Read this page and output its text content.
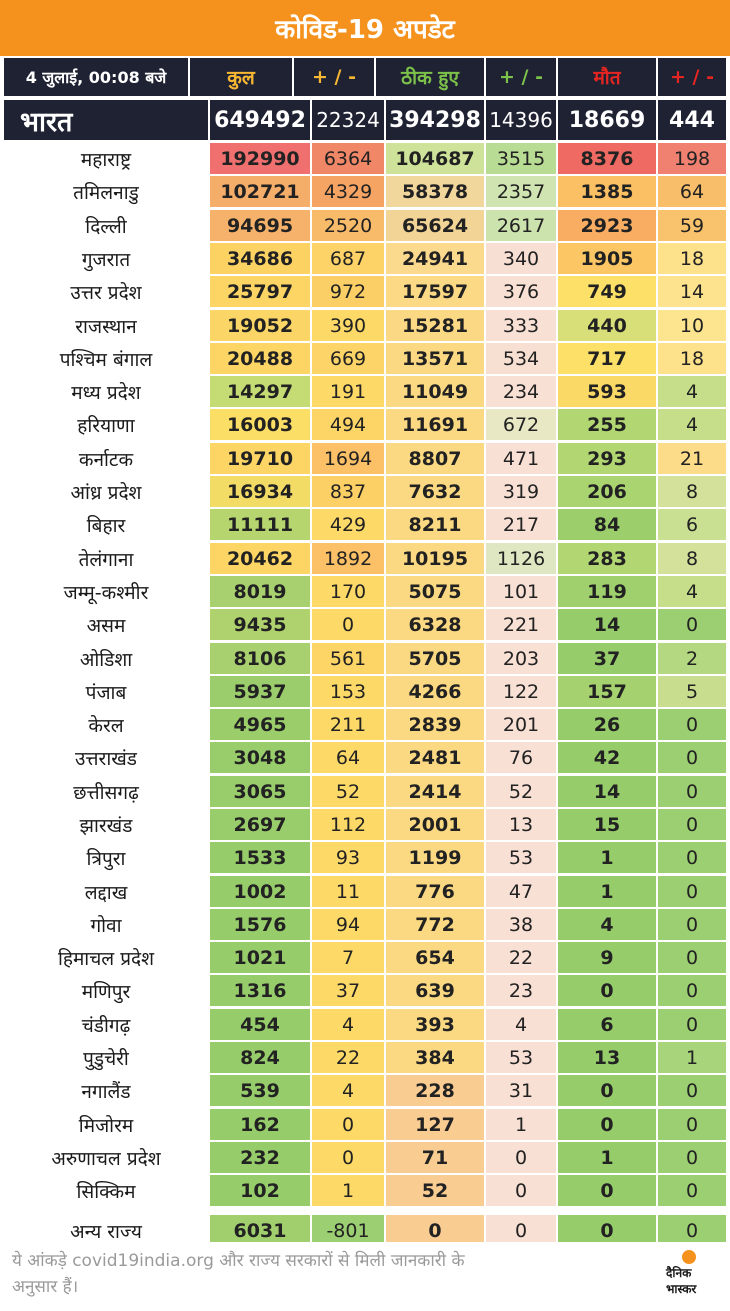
कोविड-19 अपडेट
4 जुलाई, 00:08 बजे	कुल	+ / -	ठीक हुए	+ / -	मौत	+ / -
भारत	649492 22324 394298 14396 18669	444
महाराष्ट्र	192990	6364	104687	3515	8376	198
तमिलनाडु	102721	4329	58378	2357	1385	64
दिल्ली	94695	2520	65624	2617	2923	59
गुजरात	34686	687	24941	340	1905	18
उत्तर प्रदेश	25797	972	17597	376	749	14
राजस्थान	19052	390	15281	333	440	10
पश्चिम बंगाल	20488	669	13571	534	717	18
मध्य प्रदेश	14297	191	11049	234	593	4
हरियाणा	16003	494	11691	672	255	4
कर्नाटक	19710	1694	8807	471	293	21
आंध्र प्रदेश	16934	837	7632	319	206	8
बिहार	11111	429	8211	217	84	6
तेलंगाना	20462	1892	10195	1126	283	8
जम्मू-कश्मीर	8019	170	5075	101	119	4
असम	9435	0	6328	221	14	0
ओडिशा	8106	561	5705	203	37	2
पंजाब	5937	153	4266	122	157	5
केरल	4965	211	2839	201	26	0
उत्तराखंड	3048	64	2481	76	42	0
छत्तीसगढ़	3065	52	2414	52	14	0
झारखंड	2697	112	2001	13	15	0
त्रिपुरा	1533	93	1199	53	1	0
लद्दाख	1002	11	776	47	1	0
गोवा	1576	94	772	38	4	0
हिमाचल प्रदेश	1021	7	654	22	9	0
मणिपुर	1316	37	639	23	0	0
चंडीगढ़	454	4	393	4	6	0
पुडुचेरी	824	22	384	53	13	1
नगालैंड	539	4	228	31	0	0
मिजोरम	162	0	127	1	0	0
अरुणाचल प्रदेश	232	0	71	0	1	0
सिक्किम	102	1	52	0	0	0
अन्य राज्य	6031	-801	0	0	0	0
ये आंकड़े covid19india.org और राज्य सरकारों से मिली जानकारी के अनुसार हैं।
दैनिक
भास्कर
